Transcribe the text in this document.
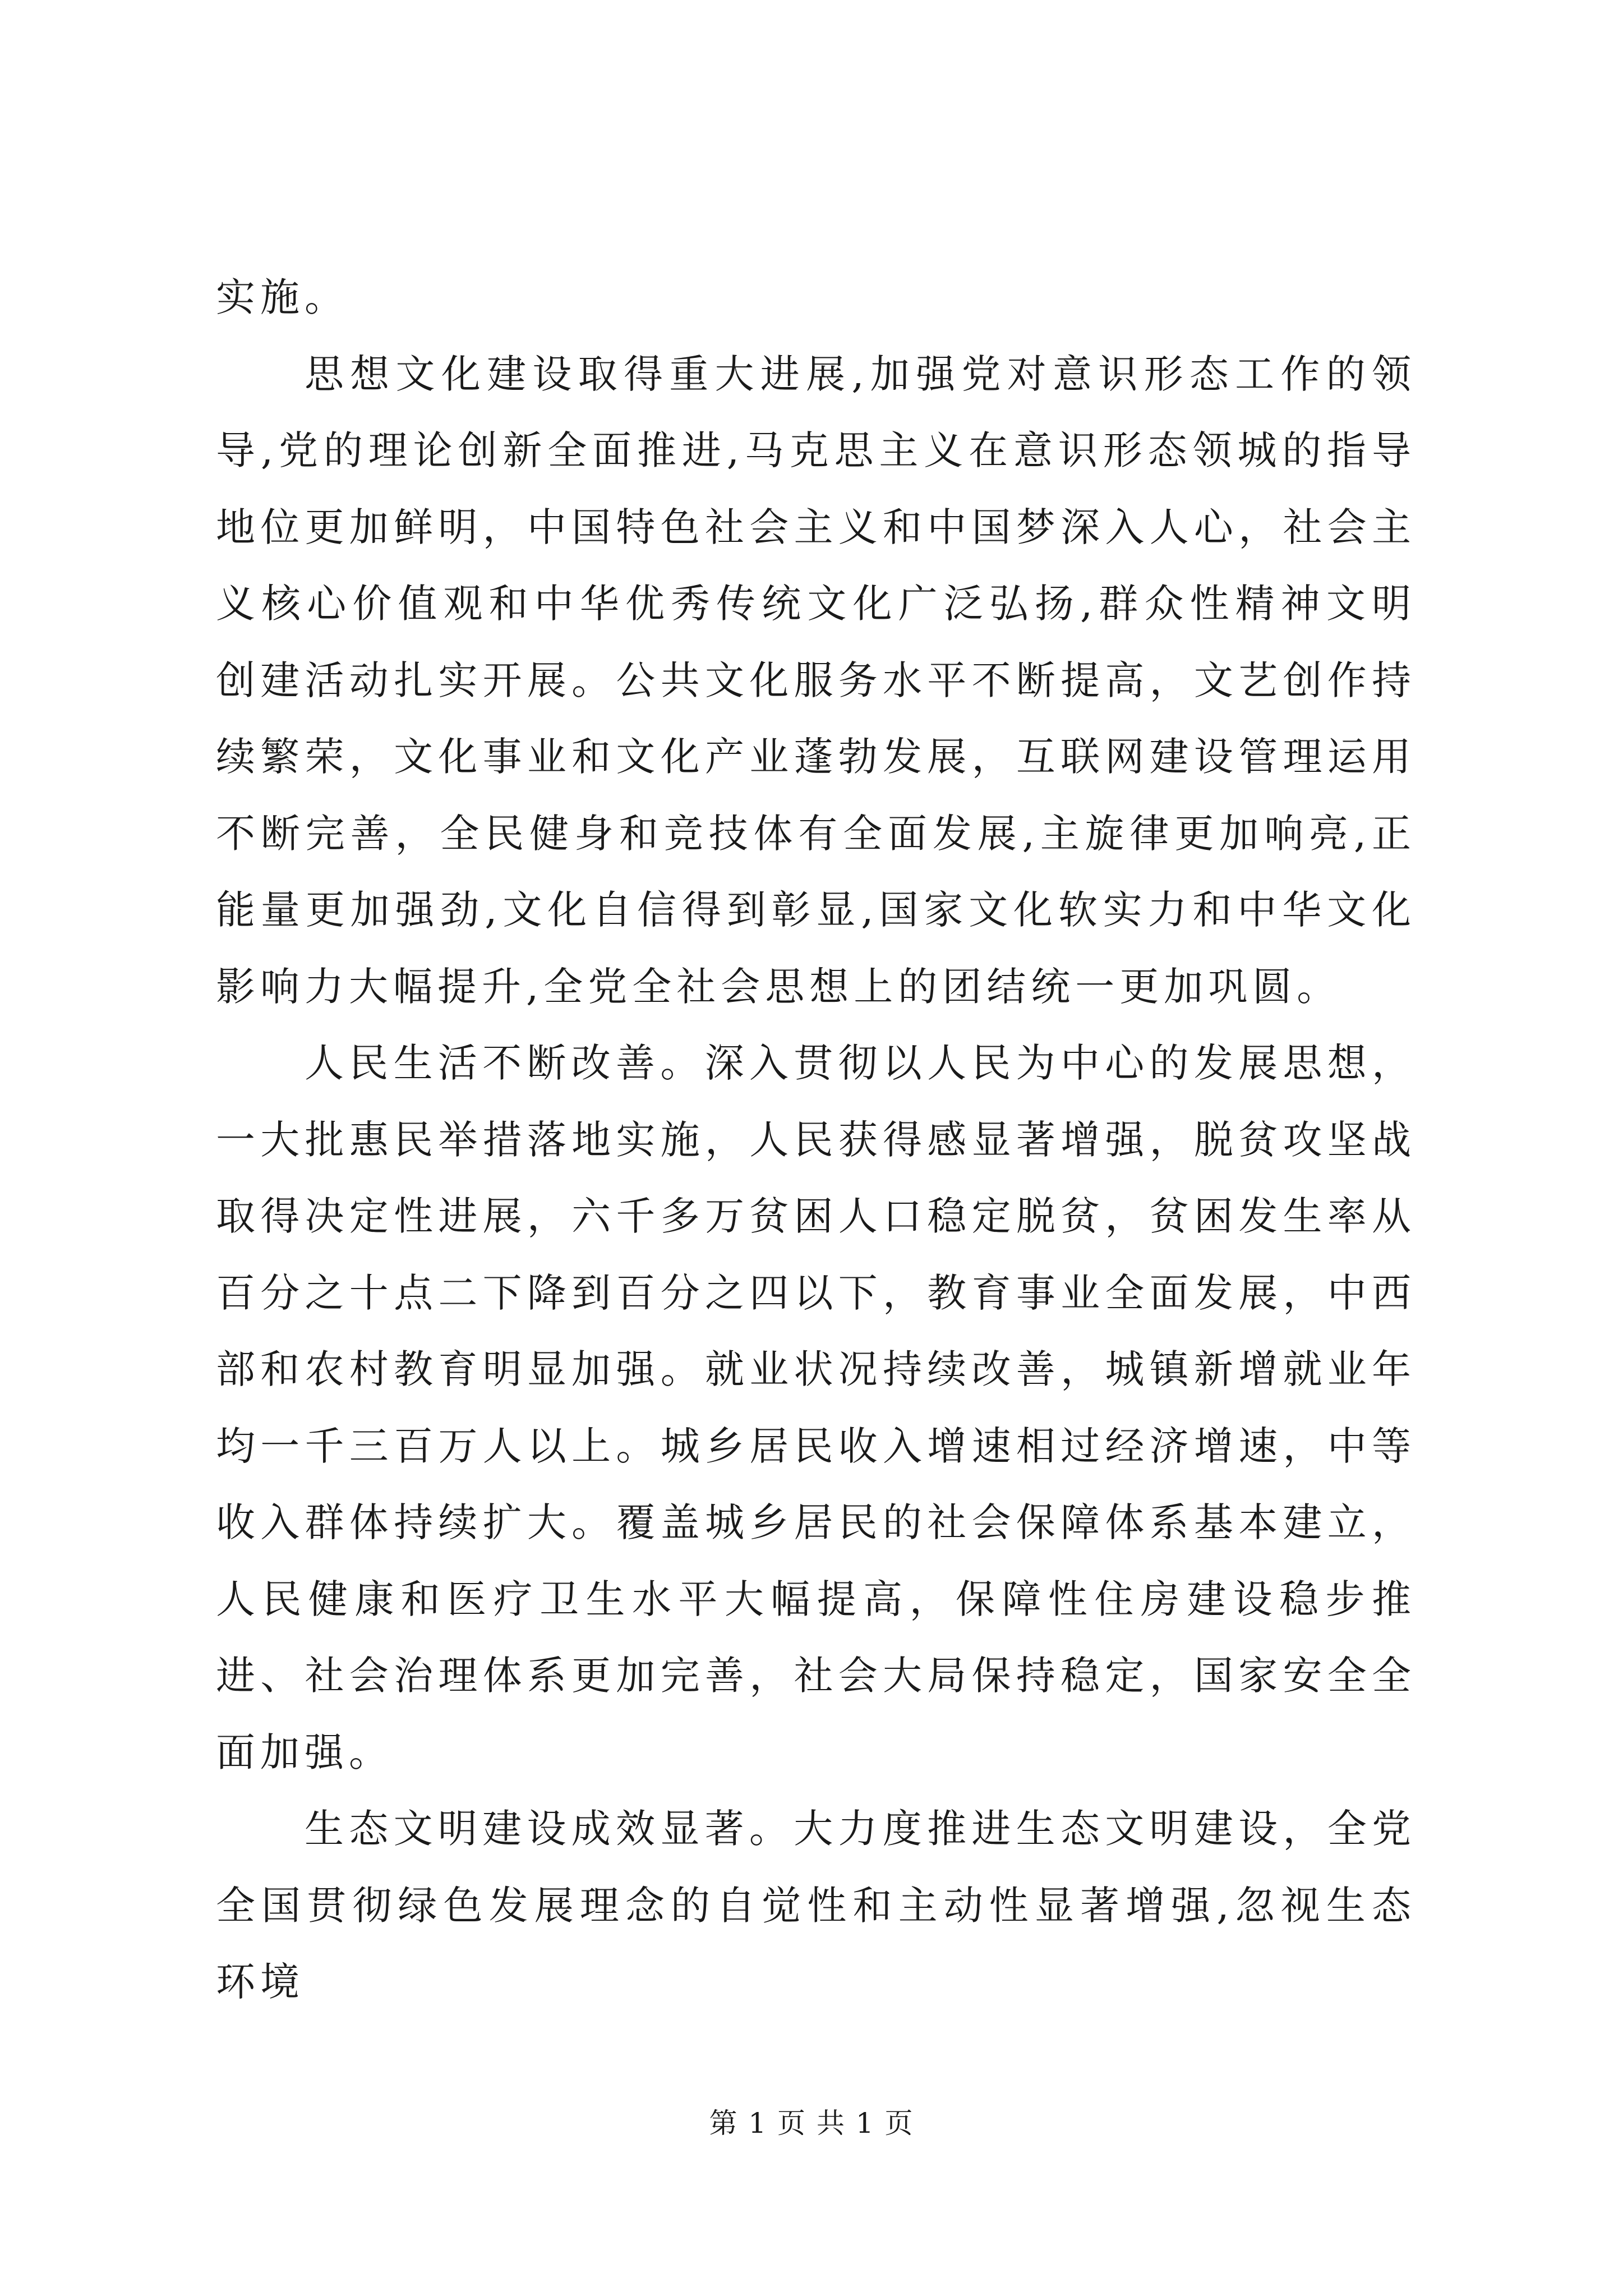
实施。

思想文化建设取得重大进展,加强党对意识形态工作的领导,党的理论创新全面推进,马克思主义在意识形态领城的指导地位更加鲜明，中国特色社会主义和中国梦深入人心，社会主义核心价值观和中华优秀传统文化广泛弘扬,群众性精神文明创建活动扎实开展。公共文化服务水平不断提高，文艺创作持续繁荣，文化事业和文化产业蓬勃发展，互联网建设管理运用不断完善，全民健身和竞技体有全面发展,主旋律更加响亮,正能量更加强劲,文化自信得到彰显,国家文化软实力和中华文化影响力大幅提升,全党全社会思想上的团结统一更加巩圆。

人民生活不断改善。深入贯彻以人民为中心的发展思想，一大批惠民举措落地实施，人民获得感显著增强，脱贫攻坚战取得决定性进展，六千多万贫困人口稳定脱贫，贫困发生率从百分之十点二下降到百分之四以下，教育事业全面发展，中西部和农村教育明显加强。就业状况持续改善，城镇新增就业年均一千三百万人以上。城乡居民收入增速相过经济增速，中等收入群体持续扩大。覆盖城乡居民的社会保障体系基本建立，人民健康和医疗卫生水平大幅提高，保障性住房建设稳步推进、社会治理体系更加完善，社会大局保持稳定，国家安全全面加强。

生态文明建设成效显著。大力度推进生态文明建设，全党全国贯彻绿色发展理念的自觉性和主动性显著增强,忽视生态环境

第 1 页 共 1 页
